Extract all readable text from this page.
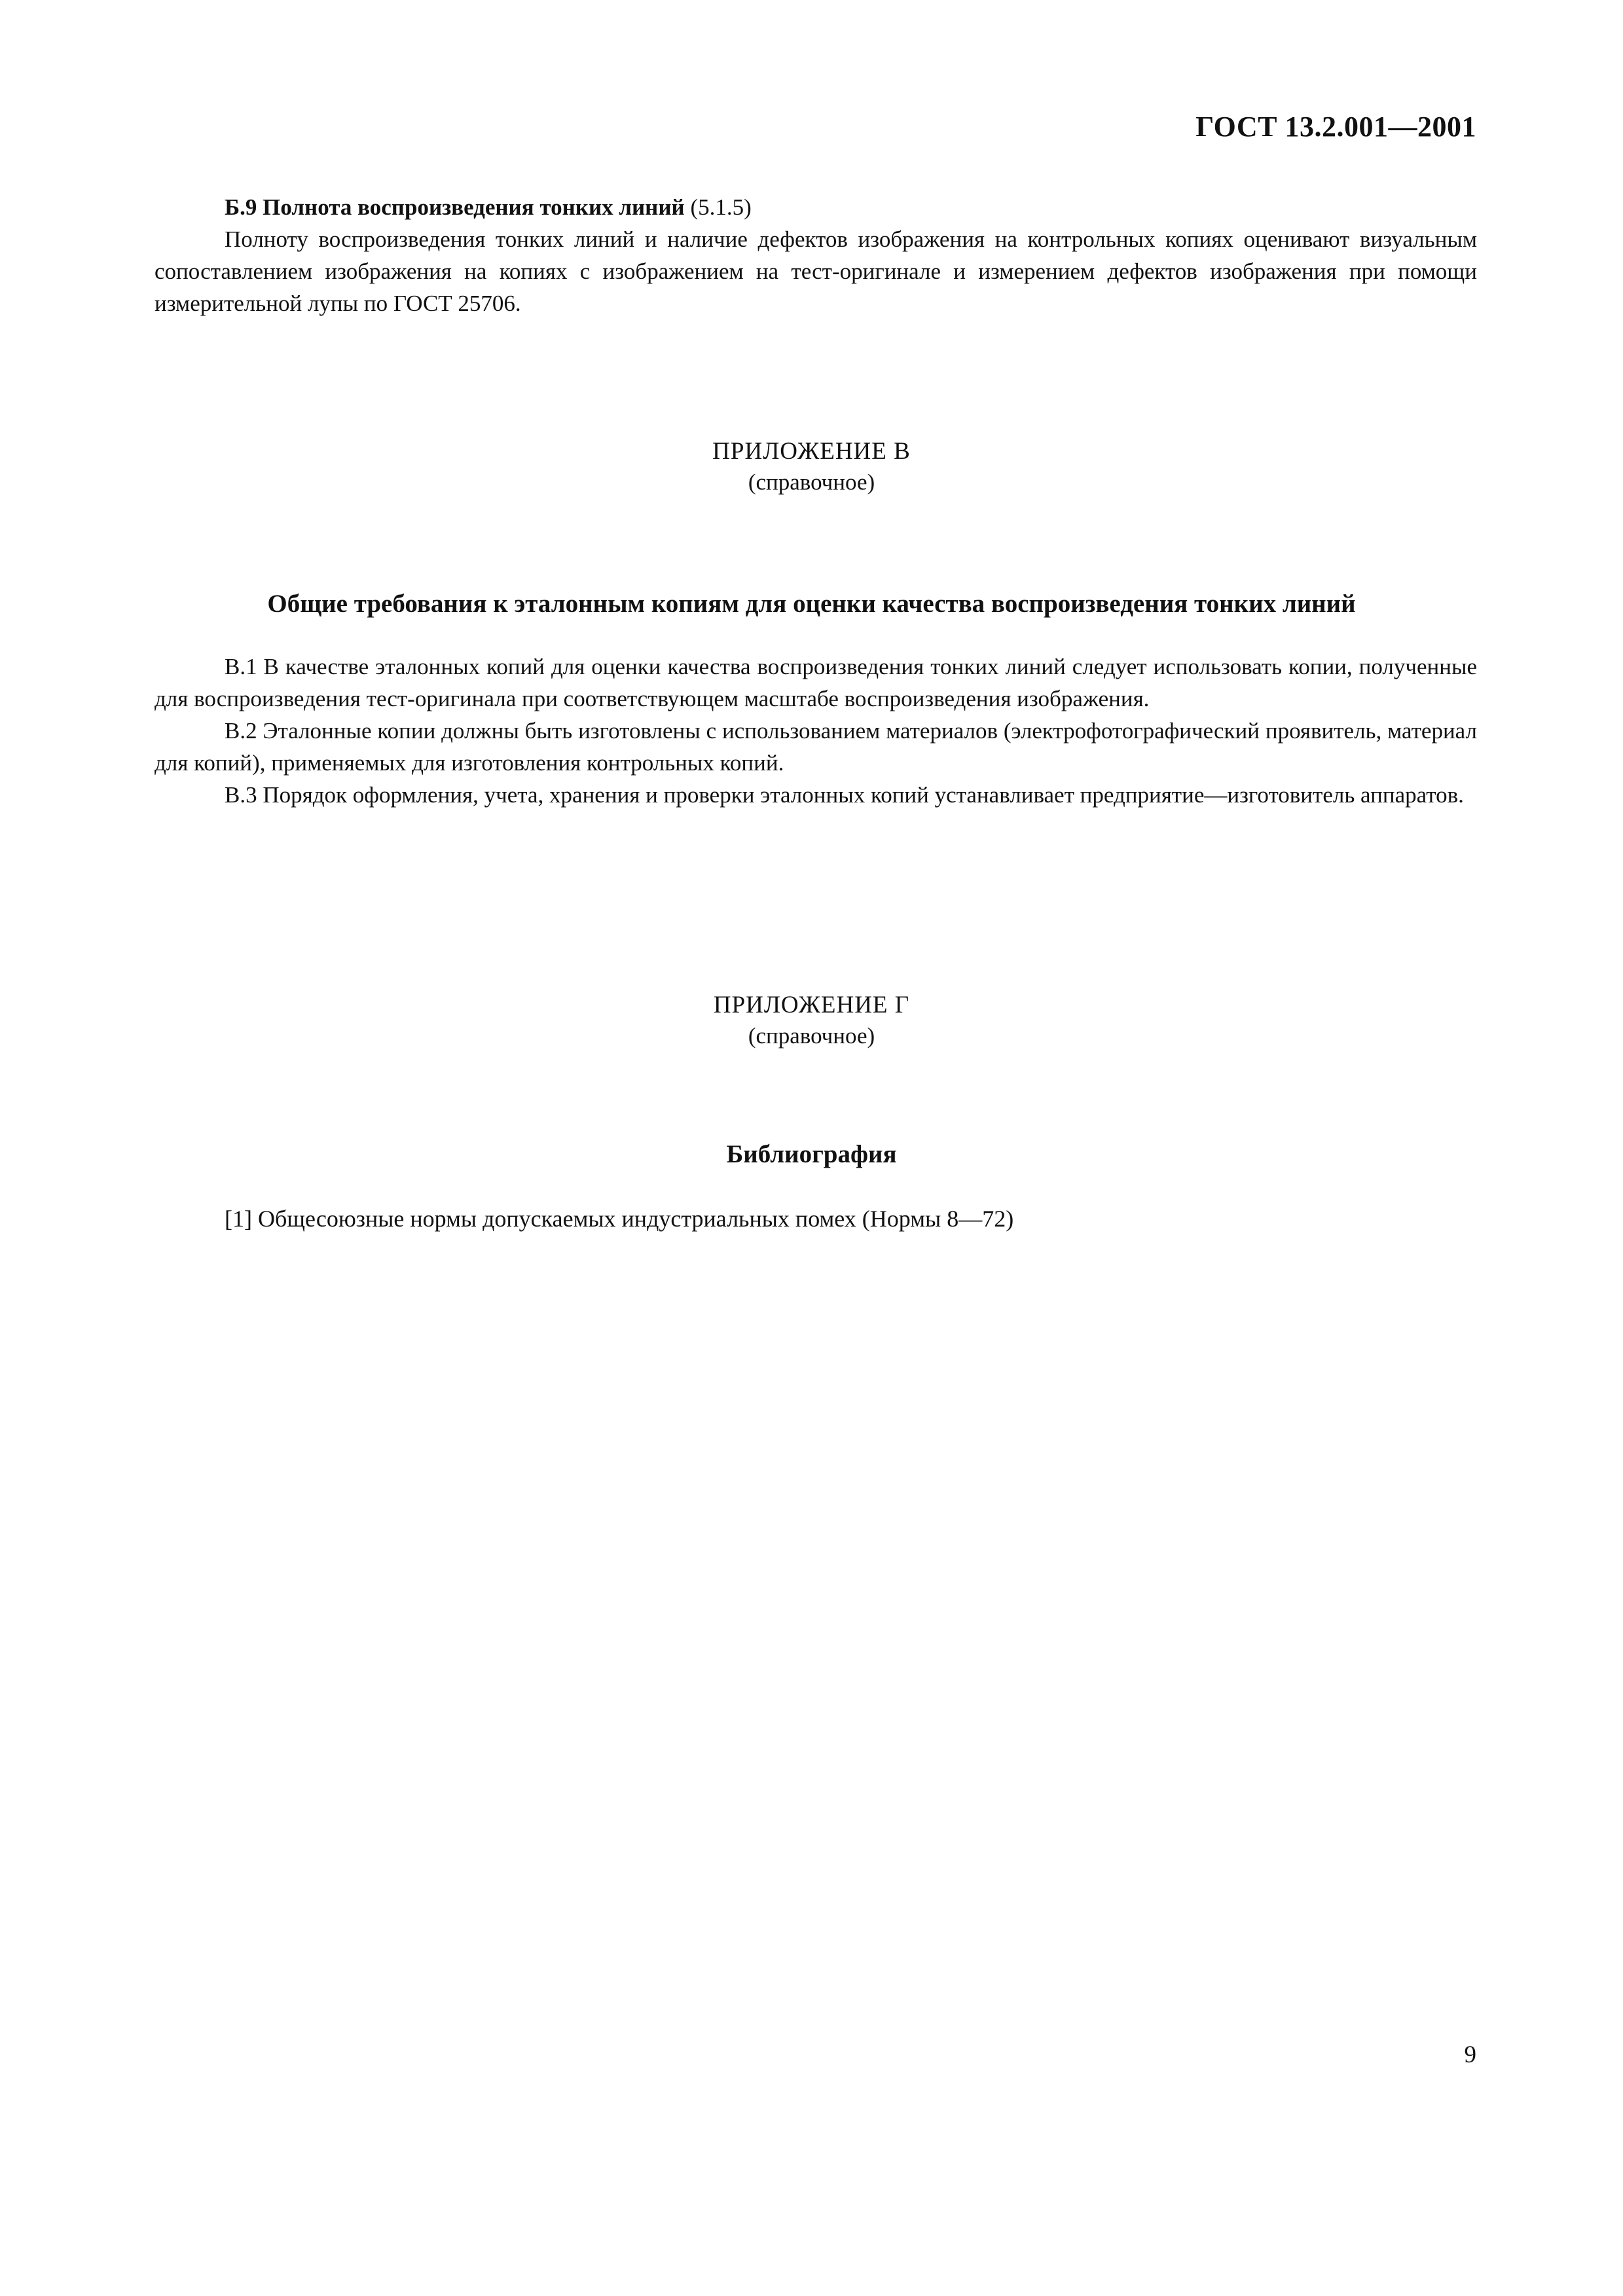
ГОСТ 13.2.001—2001

Б.9 Полнота воспроизведения тонких линий (5.1.5)

Полноту воспроизведения тонких линий и наличие дефектов изображения на контрольных копиях оценивают визуальным сопоставлением изображения на копиях с изображением на тест-оригинале и измерением дефектов изображения при помощи измерительной лупы по ГОСТ 25706.

ПРИЛОЖЕНИЕ В
(справочное)
Общие требования к эталонным копиям для оценки качества воспроизведения тонких линий

В.1 В качестве эталонных копий для оценки качества воспроизведения тонких линий следует использовать копии, полученные для воспроизведения тест-оригинала при соответствующем масштабе воспроизведения изображения.

В.2 Эталонные копии должны быть изготовлены с использованием материалов (электрофотографический проявитель, материал для копий), применяемых для изготовления контрольных копий.

В.3 Порядок оформления, учета, хранения и проверки эталонных копий устанавливает предприятие—изготовитель аппаратов.

ПРИЛОЖЕНИЕ Г
(справочное)
Библиография
[1] Общесоюзные нормы допускаемых индустриальных помех (Нормы 8—72)
9
